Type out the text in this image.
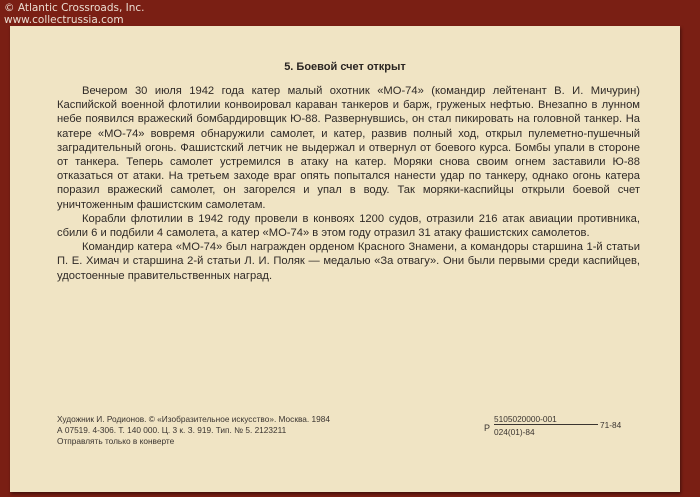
© Atlantic Crossroads, Inc.
www.collectrussia.com
5. Боевой счет открыт

Вечером 30 июля 1942 года катер малый охотник «МО-74» (командир лейтенант В. И. Мичурин) Каспийской военной флотилии конвоировал караван танкеров и барж, груженых нефтью. Внезапно в лунном небе появился вражеский бомбардировщик Ю-88. Развернувшись, он стал пикировать на головной танкер. На катере «МО-74» вовремя обнаружили самолет, и катер, развив полный ход, открыл пулеметно-пушечный заградительный огонь. Фашистский летчик не выдержал и отвернул от боевого курса. Бомбы упали в стороне от танкера. Теперь самолет устремился в атаку на катер. Моряки снова своим огнем заставили Ю-88 отказаться от атаки. На третьем заходе враг опять попытался нанести удар по танкеру, однако огонь катера поразил вражеский самолет, он загорелся и упал в воду. Так моряки-каспийцы открыли боевой счет уничтоженным фашистским самолетам.

Корабли флотилии в 1942 году провели в конвоях 1200 судов, отразили 216 атак авиации противника, сбили 6 и подбили 4 самолета, а катер «МО-74» в этом году отразил 31 атаку фашистских самолетов.

Командир катера «МО-74» был награжден орденом Красного Знамени, а командоры старшина 1-й статьи П. Е. Химач и старшина 2-й статьи Л. И. Поляк — медалью «За отвагу». Они были первыми среди каспийцев, удостоенные правительственных наград.

Художник И. Родионов. © «Изобразительное искусство». Москва. 1984
А 07519. 4-306. Т. 140 000. Ц. 3 к. З. 919. Тип. № 5. 2123211
Отправлять только в конверте
Р
5105020000-001
024(01)-84
71-84
